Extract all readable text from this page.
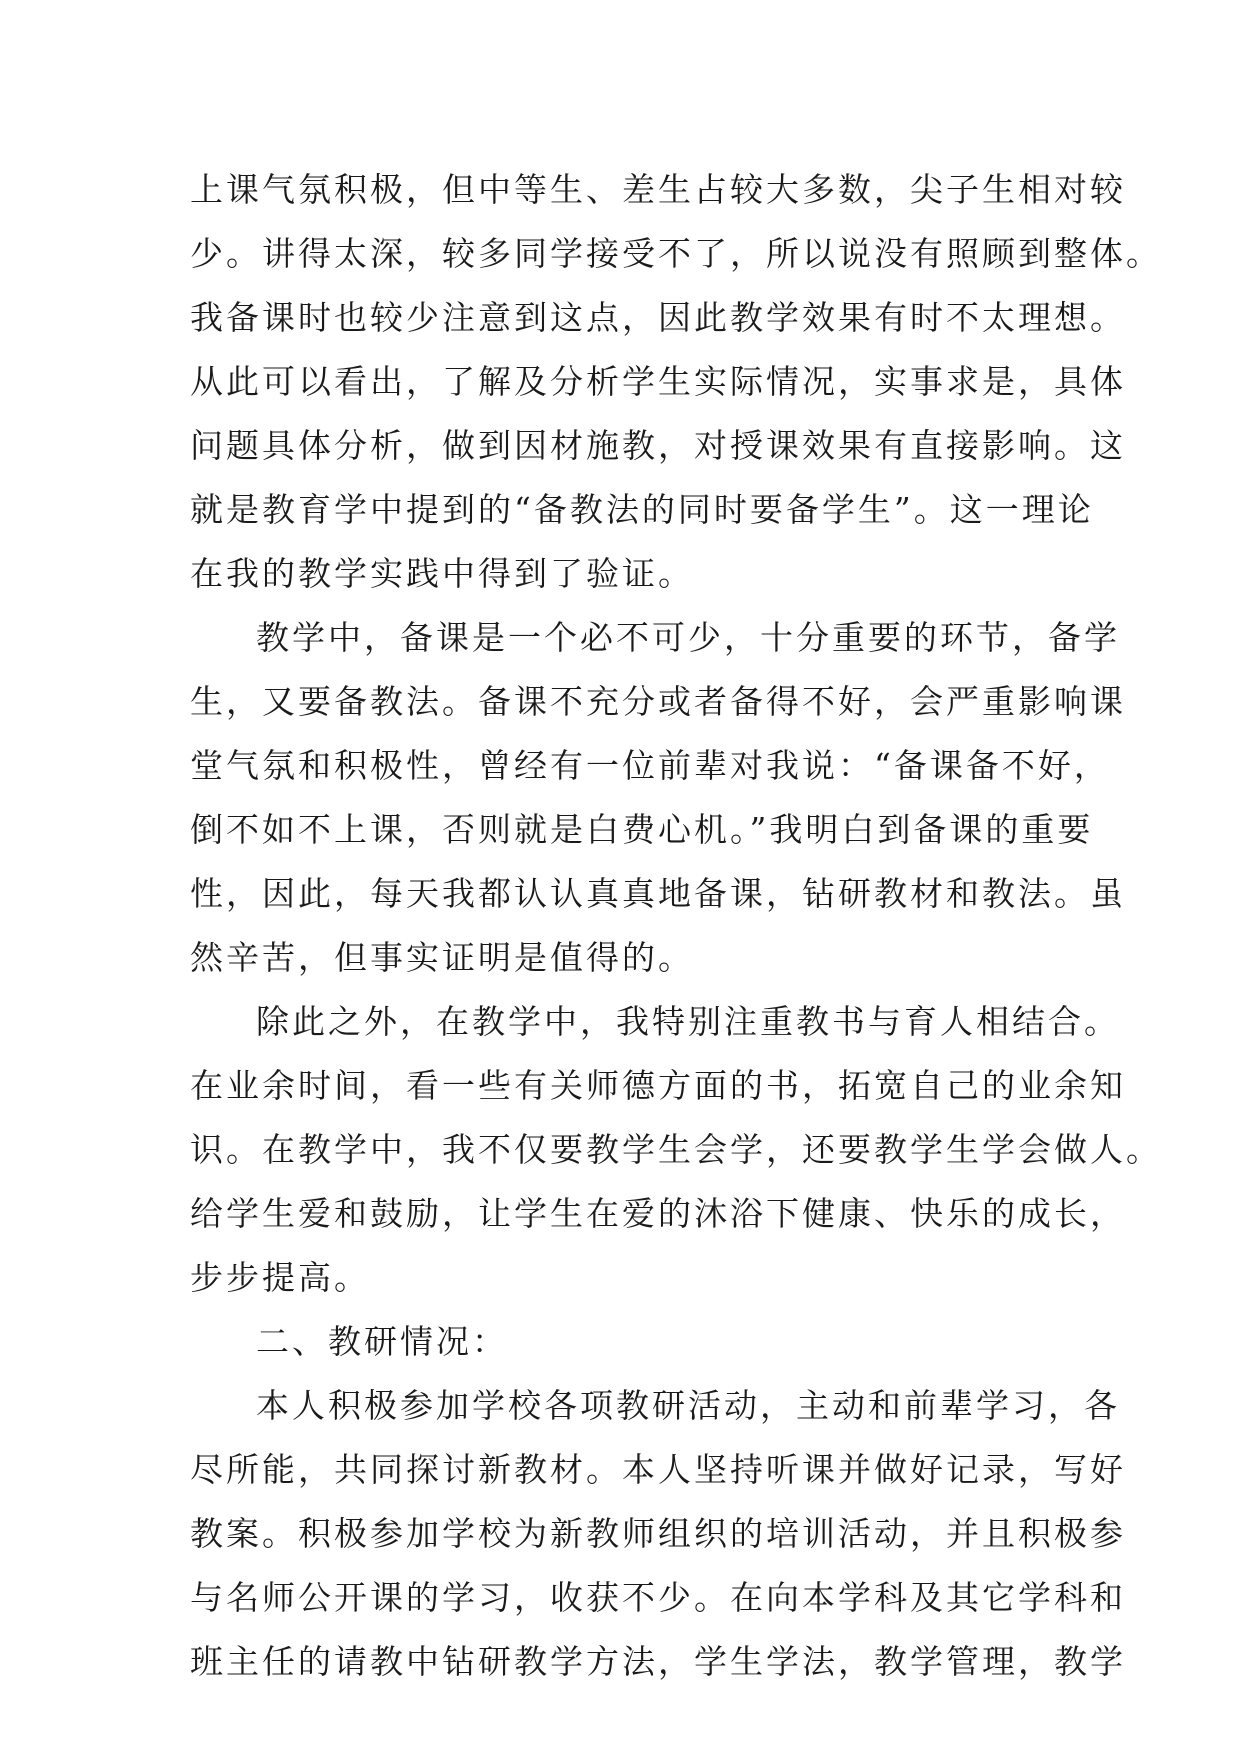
上课气氛积极，但中等生、差生占较大多数，尖子生相对较
少。讲得太深，较多同学接受不了，所以说没有照顾到整体。
我备课时也较少注意到这点，因此教学效果有时不太理想。
从此可以看出，了解及分析学生实际情况，实事求是，具体
问题具体分析，做到因材施教，对授课效果有直接影响。这
就是教育学中提到的“备教法的同时要备学生”。这一理论
在我的教学实践中得到了验证。
教学中，备课是一个必不可少，十分重要的环节，备学
生，又要备教法。备课不充分或者备得不好，会严重影响课
堂气氛和积极性，曾经有一位前辈对我说：“备课备不好，
倒不如不上课，否则就是白费心机。”我明白到备课的重要
性，因此，每天我都认认真真地备课，钻研教材和教法。虽
然辛苦，但事实证明是值得的。
除此之外，在教学中，我特别注重教书与育人相结合。
在业余时间，看一些有关师德方面的书，拓宽自己的业余知
识。在教学中，我不仅要教学生会学，还要教学生学会做人。
给学生爱和鼓励，让学生在爱的沐浴下健康、快乐的成长，
步步提高。
二、教研情况：
本人积极参加学校各项教研活动，主动和前辈学习，各
尽所能，共同探讨新教材。本人坚持听课并做好记录，写好
教案。积极参加学校为新教师组织的培训活动，并且积极参
与名师公开课的学习，收获不少。在向本学科及其它学科和
班主任的请教中钻研教学方法，学生学法，教学管理，教学
